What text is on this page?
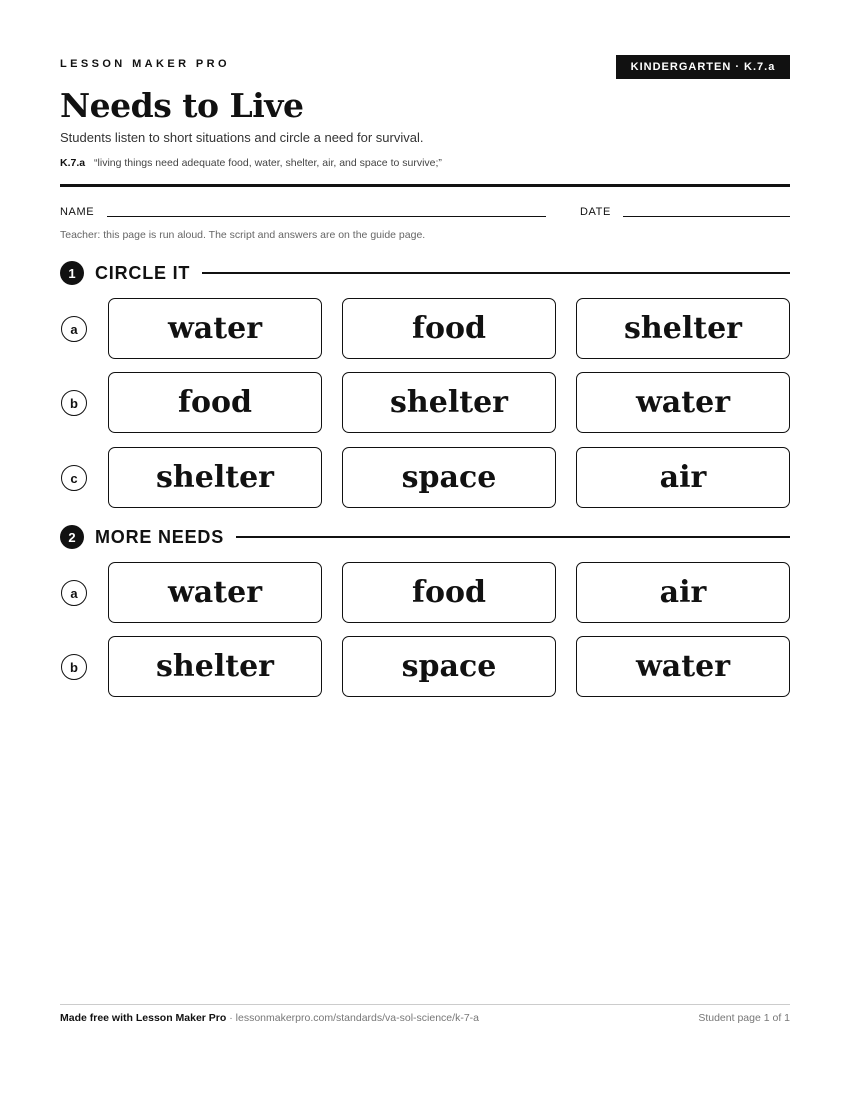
LESSON MAKER PRO	KINDERGARTEN · K.7.a
Needs to Live
Students listen to short situations and circle a need for survival.
K.7.a “living things need adequate food, water, shelter, air, and space to survive;”
NAME	DATE
Teacher: this page is run aloud. The script and answers are on the guide page.
1	CIRCLE IT
a	water	food	shelter
b	food	shelter	water
c	shelter	space	air
2	MORE NEEDS
a	water	food	air
b	shelter	space	water
Made free with Lesson Maker Pro · lessonmakerpro.com/standards/va-sol-science/k-7-a	Student page 1 of 1
